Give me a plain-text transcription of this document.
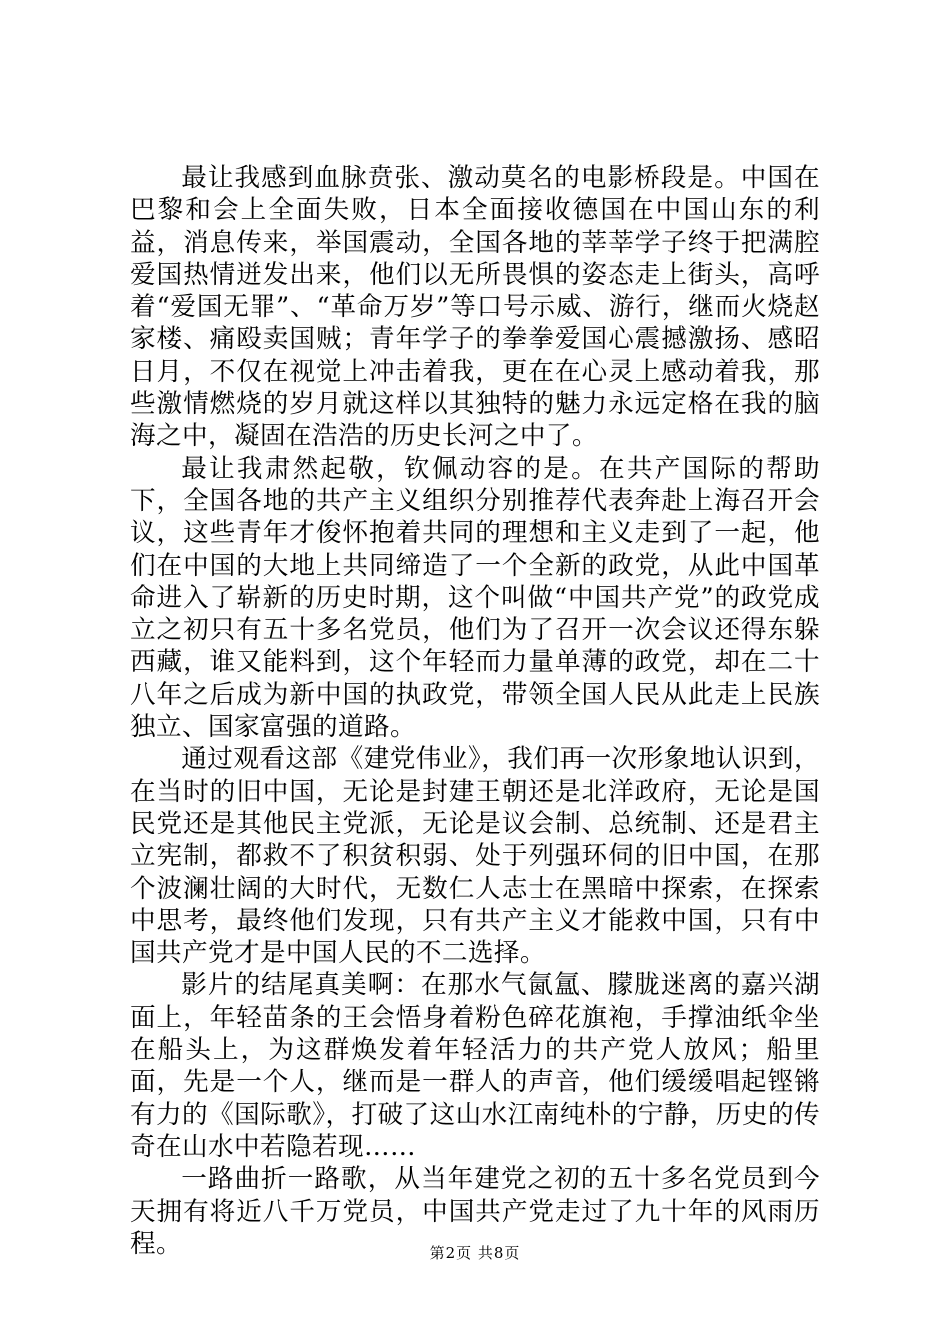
最让我感到血脉贲张、激动莫名的电影桥段是。中国在巴黎和会上全面失败，日本全面接收德国在中国山东的利益，消息传来，举国震动，全国各地的莘莘学子终于把满腔爱国热情迸发出来，他们以无所畏惧的姿态走上街头，高呼着“爱国无罪”、“革命万岁”等口号示威、游行，继而火烧赵家楼、痛殴卖国贼；青年学子的拳拳爱国心震撼激扬、感昭日月，不仅在视觉上冲击着我，更在在心灵上感动着我，那些激情燃烧的岁月就这样以其独特的魅力永远定格在我的脑海之中，凝固在浩浩的历史长河之中了。

最让我肃然起敬，钦佩动容的是。在共产国际的帮助下，全国各地的共产主义组织分别推荐代表奔赴上海召开会议，这些青年才俊怀抱着共同的理想和主义走到了一起，他们在中国的大地上共同缔造了一个全新的政党，从此中国革命进入了崭新的历史时期，这个叫做“中国共产党”的政党成立之初只有五十多名党员，他们为了召开一次会议还得东躲西藏，谁又能料到，这个年轻而力量单薄的政党，却在二十八年之后成为新中国的执政党，带领全国人民从此走上民族独立、国家富强的道路。

通过观看这部《建党伟业》，我们再一次形象地认识到，在当时的旧中国，无论是封建王朝还是北洋政府，无论是国民党还是其他民主党派，无论是议会制、总统制、还是君主立宪制，都救不了积贫积弱、处于列强环伺的旧中国，在那个波澜壮阔的大时代，无数仁人志士在黑暗中探索，在探索中思考，最终他们发现，只有共产主义才能救中国，只有中国共产党才是中国人民的不二选择。

影片的结尾真美啊：在那水气氤氲、朦胧迷离的嘉兴湖面上，年轻苗条的王会悟身着粉色碎花旗袍，手撑油纸伞坐在船头上，为这群焕发着年轻活力的共产党人放风；船里面，先是一个人，继而是一群人的声音，他们缓缓唱起铿锵有力的《国际歌》，打破了这山水江南纯朴的宁静，历史的传奇在山水中若隐若现……

一路曲折一路歌，从当年建党之初的五十多名党员到今天拥有将近八千万党员，中国共产党走过了九十年的风雨历程。	第2页 共8页
